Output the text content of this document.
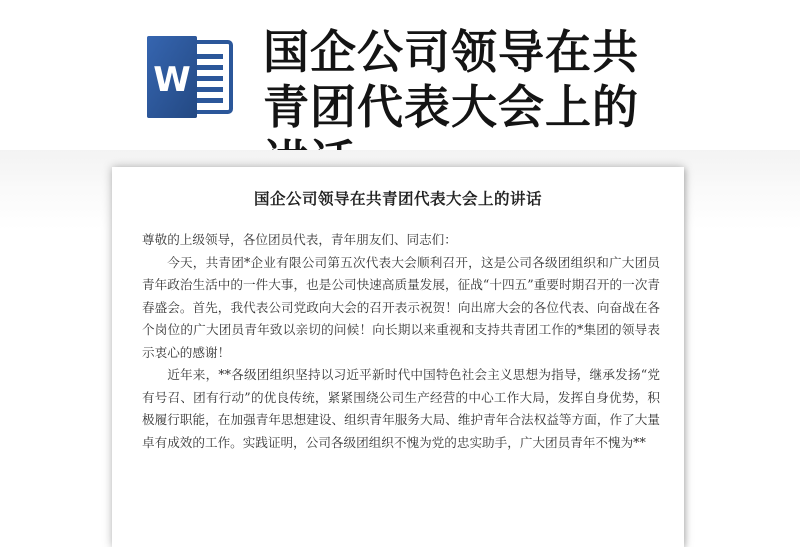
W
国企公司领导在共青团代表大会上的
国企公司领导在共青团代表大会上的讲话

尊敬的上级领导，各位团员代表，青年朋友们、同志们：

今天，共青团*企业有限公司第五次代表大会顺利召开，这是公司各级团组织和广大团员青年政治生活中的一件大事，也是公司快速高质量发展，征战“十四五”重要时期召开的一次青春盛会。首先，我代表公司党政向大会的召开表示祝贺！向出席大会的各位代表、向奋战在各个岗位的广大团员青年致以亲切的问候！向长期以来重视和支持共青团工作的*集团的领导表示衷心的感谢！

近年来，**各级团组织坚持以习近平新时代中国特色社会主义思想为指导，继承发扬“党有号召、团有行动”的优良传统，紧紧围绕公司生产经营的中心工作大局，发挥自身优势，积极履行职能，在加强青年思想建设、组织青年服务大局、维护青年合法权益等方面，作了大量卓有成效的工作。实践证明，公司各级团组织不愧为党的忠实助手，广大团员青年不愧为**
